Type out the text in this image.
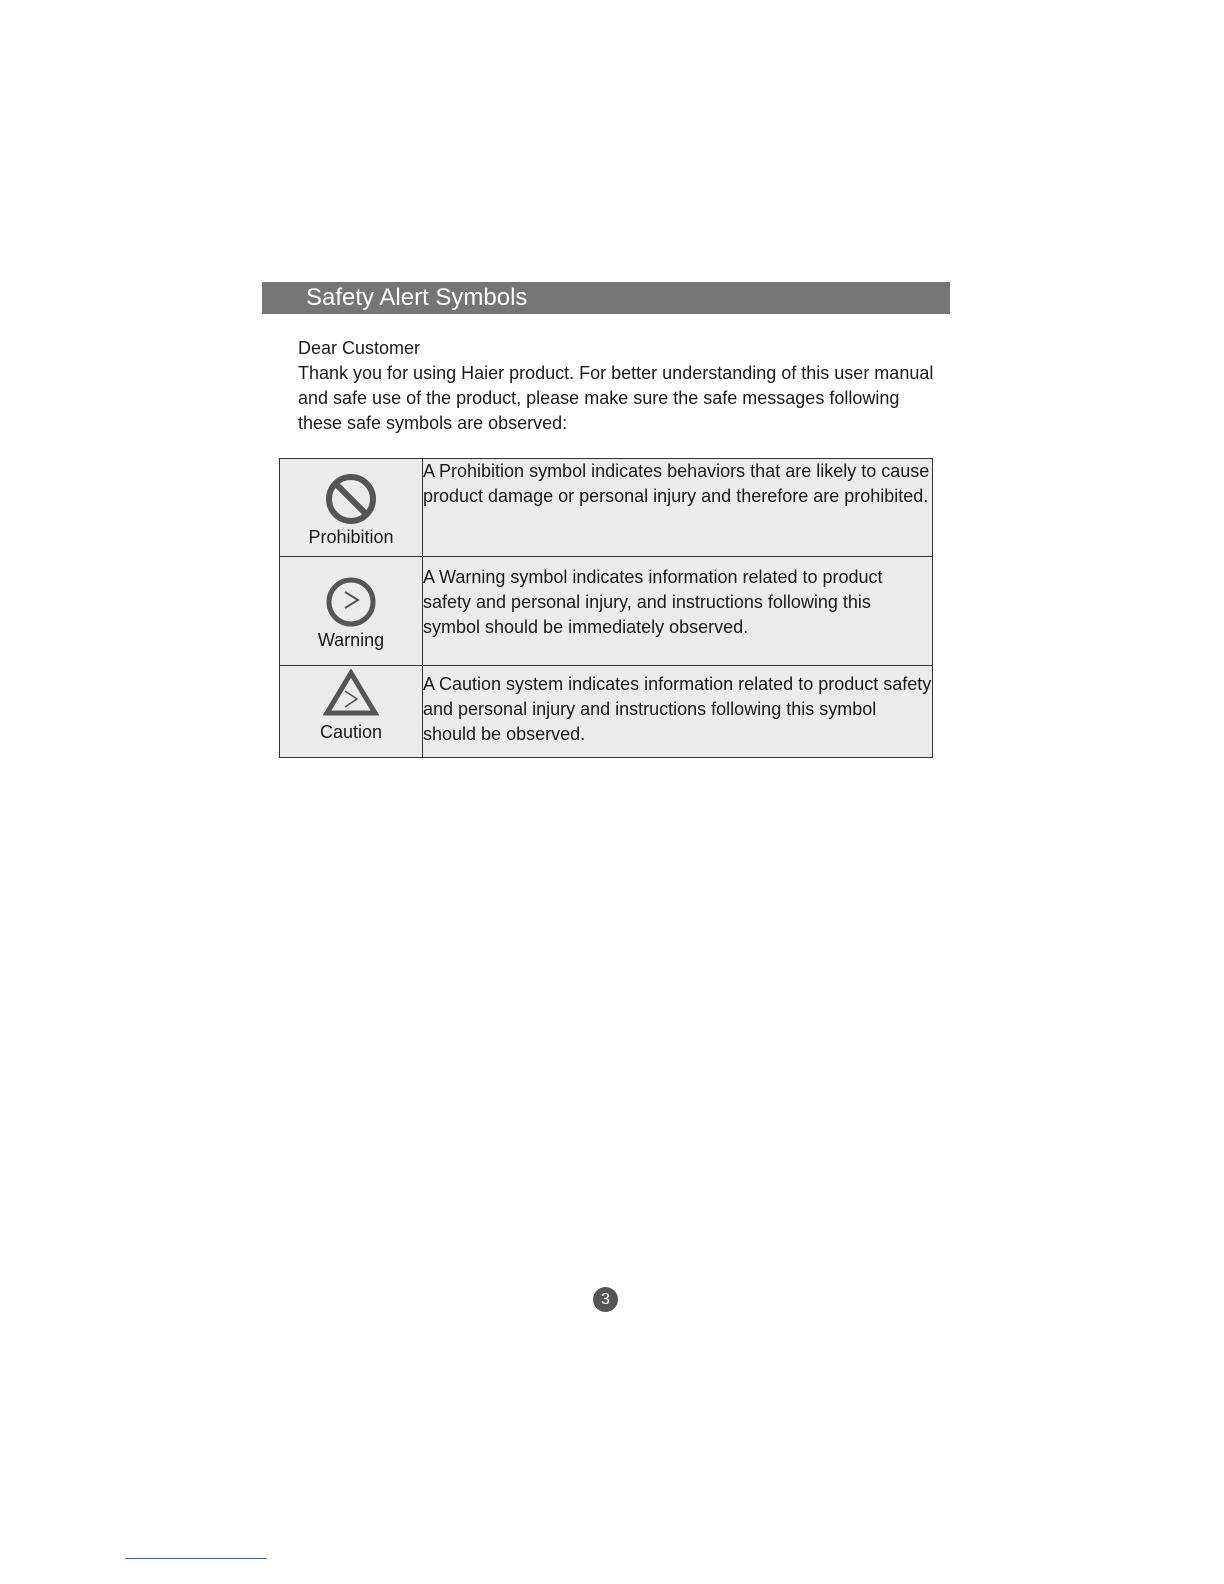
Safety Alert Symbols

Dear Customer

Thank you for using Haier product. For better understanding of this user manual and safe use of the product, please make sure the safe messages following these safe symbols are observed:

Prohibition	A Prohibition symbol indicates behaviors that are likely to cause product damage or personal injury and therefore are prohibited.

Warning	A Warning symbol indicates information related to product safety and personal injury, and instructions following this symbol should be immediately observed.

Caution	A Caution system indicates information related to product safety and personal injury and instructions following this symbol should be observed.
3
